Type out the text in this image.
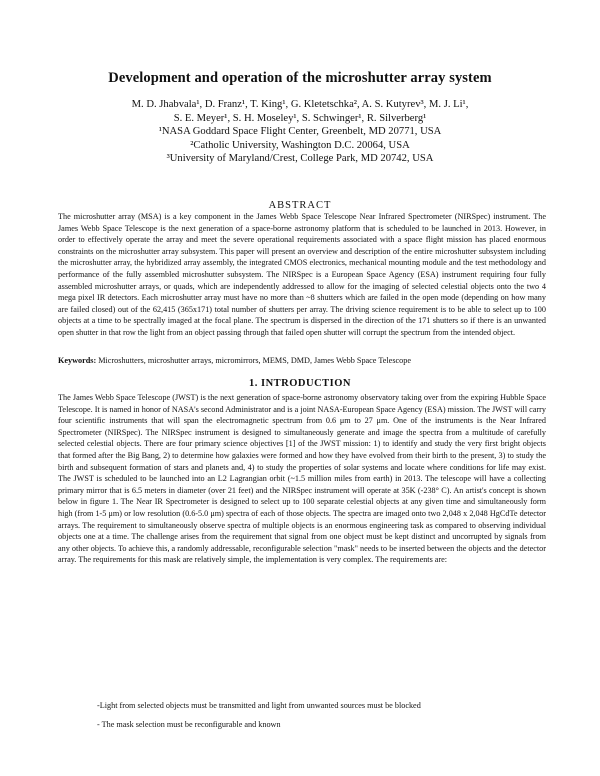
Development and operation of the microshutter array system
M. D. Jhabvala¹, D. Franz¹, T. King¹, G. Kletetschka², A. S. Kutyrev³, M. J. Li¹,
S. E. Meyer¹, S. H. Moseley¹, S. Schwinger¹, R. Silverberg¹
¹NASA Goddard Space Flight Center, Greenbelt, MD 20771, USA
²Catholic University, Washington D.C. 20064, USA
³University of Maryland/Crest, College Park, MD 20742, USA
ABSTRACT

The microshutter array (MSA) is a key component in the James Webb Space Telescope Near Infrared Spectrometer (NIRSpec) instrument. The James Webb Space Telescope is the next generation of a space-borne astronomy platform that is scheduled to be launched in 2013. However, in order to effectively operate the array and meet the severe operational requirements associated with a space flight mission has placed enormous constraints on the microshutter array subsystem. This paper will present an overview and description of the entire microshutter subsystem including the microshutter array, the hybridized array assembly, the integrated CMOS electronics, mechanical mounting module and the test methodology and performance of the fully assembled microshutter subsystem. The NIRSpec is a European Space Agency (ESA) instrument requiring four fully assembled microshutter arrays, or quads, which are independently addressed to allow for the imaging of selected celestial objects onto the two 4 mega pixel IR detectors. Each microshutter array must have no more than ~8 shutters which are failed in the open mode (depending on how many are failed closed) out of the 62,415 (365x171) total number of shutters per array. The driving science requirement is to be able to select up to 100 objects at a time to be spectrally imaged at the focal plane. The spectrum is dispersed in the direction of the 171 shutters so if there is an unwanted open shutter in that row the light from an object passing through that failed open shutter will corrupt the spectrum from the intended object.

Keywords: Microshutters, microshutter arrays, micromirrors, MEMS, DMD, James Webb Space Telescope

1. INTRODUCTION

The James Webb Space Telescope (JWST) is the next generation of space-borne astronomy observatory taking over from the expiring Hubble Space Telescope. It is named in honor of NASA's second Administrator and is a joint NASA-European Space Agency (ESA) mission. The JWST will carry four scientific instruments that will span the electromagnetic spectrum from 0.6 μm to 27 μm. One of the instruments is the Near Infrared Spectrometer (NIRSpec). The NIRSpec instrument is designed to simultaneously generate and image the spectra from a multitude of carefully selected celestial objects. There are four primary science objectives [1] of the JWST mission: 1) to identify and study the very first bright objects that formed after the Big Bang, 2) to determine how galaxies were formed and how they have evolved from their birth to the present, 3) to study the birth and subsequent formation of stars and planets and, 4) to study the properties of solar systems and locate where conditions for life may exist. The JWST is scheduled to be launched into an L2 Lagrangian orbit (~1.5 million miles from earth) in 2013. The telescope will have a collecting primary mirror that is 6.5 meters in diameter (over 21 feet) and the NIRSpec instrument will operate at 35K (-238° C). An artist's concept is shown below in figure 1. The Near IR Spectrometer is designed to select up to 100 separate celestial objects at any given time and simultaneously form high (from 1-5 μm) or low resolution (0.6-5.0 μm) spectra of each of those objects. The spectra are imaged onto two 2,048 x 2,048 HgCdTe detector arrays. The requirement to simultaneously observe spectra of multiple objects is an enormous engineering task as compared to observing individual objects one at a time. The challenge arises from the requirement that signal from one object must be kept distinct and uncorrupted by signals from any other objects. To achieve this, a randomly addressable, reconfigurable selection "mask" needs to be inserted between the objects and the detector array. The requirements for this mask are relatively simple, the implementation is very complex. The requirements are:

-Light from selected objects must be transmitted and light from unwanted sources must be blocked
- The mask selection must be reconfigurable and known
